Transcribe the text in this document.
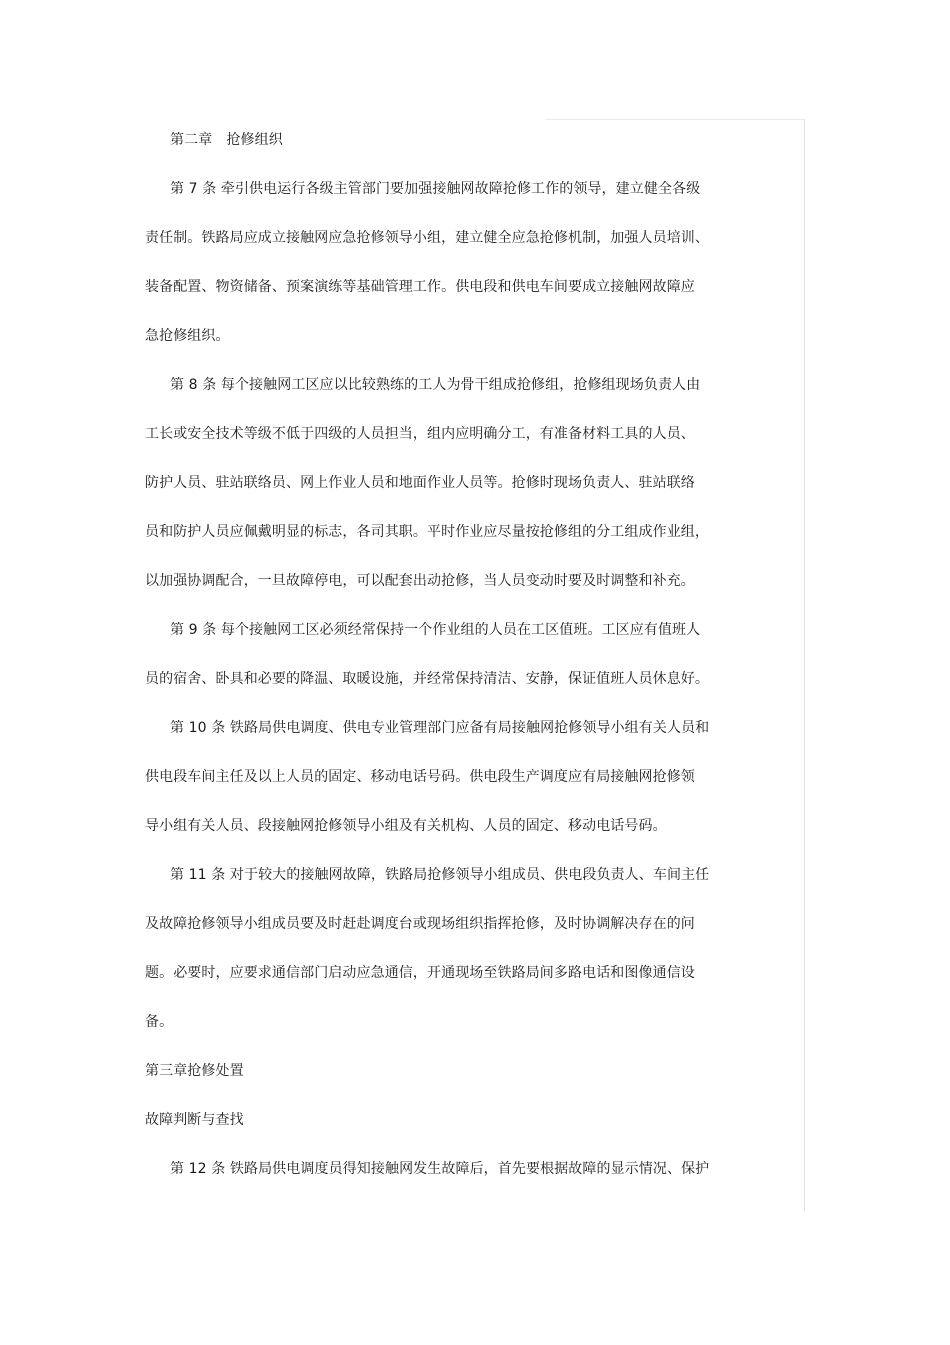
第二章　抢修组织

第 7 条 牵引供电运行各级主管部门要加强接触网故障抢修工作的领导，建立健全各级

责任制。铁路局应成立接触网应急抢修领导小组，建立健全应急抢修机制，加强人员培训、

装备配置、物资储备、预案演练等基础管理工作。供电段和供电车间要成立接触网故障应

急抢修组织。

第 8 条 每个接触网工区应以比较熟练的工人为骨干组成抢修组，抢修组现场负责人由

工长或安全技术等级不低于四级的人员担当，组内应明确分工，有准备材料工具的人员、

防护人员、驻站联络员、网上作业人员和地面作业人员等。抢修时现场负责人、驻站联络

员和防护人员应佩戴明显的标志，各司其职。平时作业应尽量按抢修组的分工组成作业组，

以加强协调配合，一旦故障停电，可以配套出动抢修，当人员变动时要及时调整和补充。

第 9 条 每个接触网工区必须经常保持一个作业组的人员在工区值班。工区应有值班人

员的宿舍、卧具和必要的降温、取暖设施，并经常保持清洁、安静，保证值班人员休息好。

第 10 条 铁路局供电调度、供电专业管理部门应备有局接触网抢修领导小组有关人员和

供电段车间主任及以上人员的固定、移动电话号码。供电段生产调度应有局接触网抢修领

导小组有关人员、段接触网抢修领导小组及有关机构、人员的固定、移动电话号码。

第 11 条 对于较大的接触网故障，铁路局抢修领导小组成员、供电段负责人、车间主任

及故障抢修领导小组成员要及时赶赴调度台或现场组织指挥抢修，及时协调解决存在的问

题。必要时，应要求通信部门启动应急通信，开通现场至铁路局间多路电话和图像通信设

备。

第三章抢修处置

故障判断与查找

第 12 条 铁路局供电调度员得知接触网发生故障后，首先要根据故障的显示情况、保护
